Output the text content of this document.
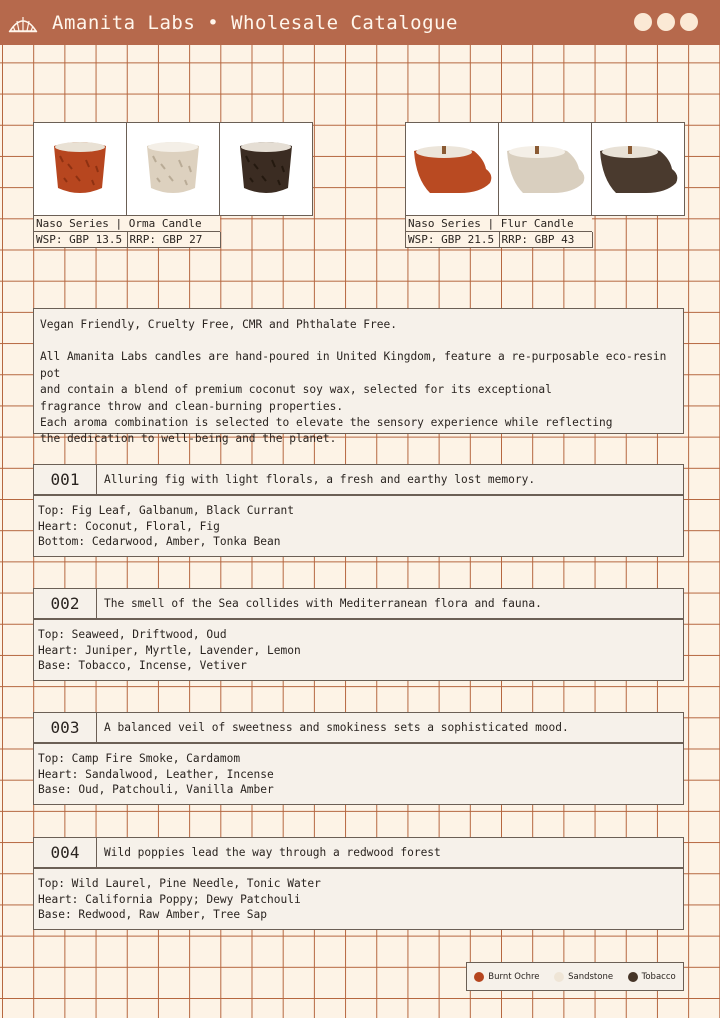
Amanita Labs • Wholesale Catalogue
Naso Series | Orma Candle
WSP: GBP 13.5 RRP: GBP 27
Naso Series | Flur Candle
WSP: GBP 21.5 RRP: GBP 43

Vegan Friendly, Cruelty Free, CMR and Phthalate Free.

All Amanita Labs candles are hand-poured in United Kingdom, feature a re-purposable eco-resin pot
and contain a blend of premium coconut soy wax, selected for its exceptional
fragrance throw and clean-burning properties.
Each aroma combination is selected to elevate the sensory experience while reflecting
the dedication to well-being and the planet.

001	Alluring fig with light florals, a fresh and earthy lost memory.
Top: Fig Leaf, Galbanum, Black Currant
Heart: Coconut, Floral, Fig
Bottom: Cedarwood, Amber, Tonka Bean
002	The smell of the Sea collides with Mediterranean flora and fauna.
Top: Seaweed, Driftwood, Oud
Heart: Juniper, Myrtle, Lavender, Lemon
Base: Tobacco, Incense, Vetiver
003	A balanced veil of sweetness and smokiness sets a sophisticated mood.
Top: Camp Fire Smoke, Cardamom
Heart: Sandalwood, Leather, Incense
Base: Oud, Patchouli, Vanilla Amber
004	Wild poppies lead the way through a redwood forest
Top: Wild Laurel, Pine Needle, Tonic Water
Heart: California Poppy; Dewy Patchouli
Base: Redwood, Raw Amber, Tree Sap
Burnt Ochre	Sandstone	Tobacco
